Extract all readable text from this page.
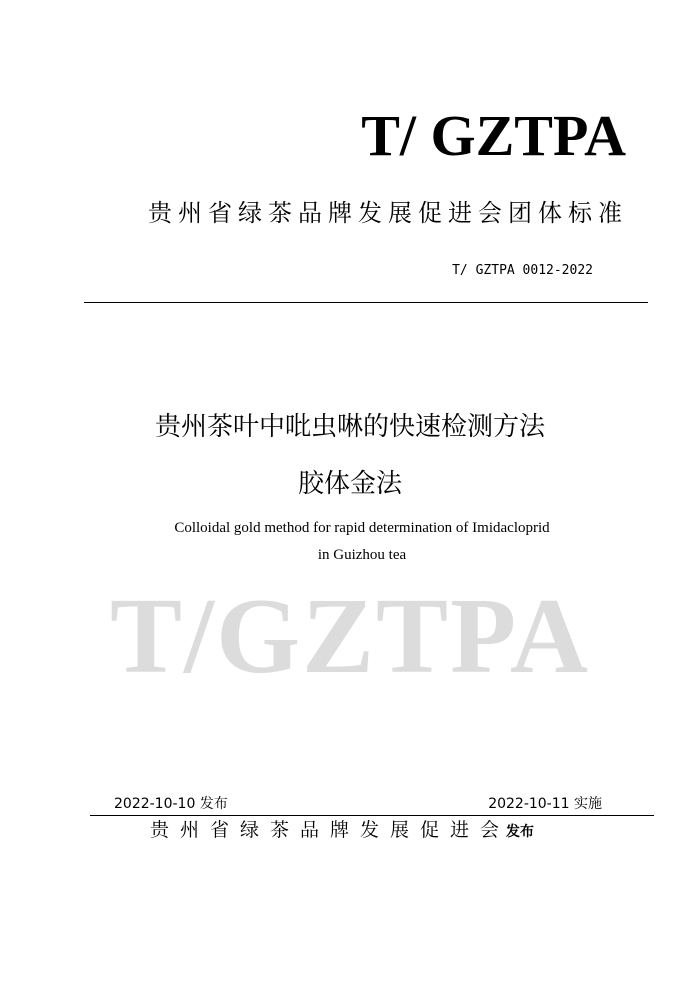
T/ GZTPA
贵州省绿茶品牌发展促进会团体标准
T/ GZTPA 0012-2022
贵州茶叶中吡虫啉的快速检测方法
胶体金法
Colloidal gold method for rapid determination of Imidacloprid
in Guizhou tea
T/GZTPA
2022-10-10 发布	2022-10-11 实施
贵州省绿茶品牌发展促进会发布
